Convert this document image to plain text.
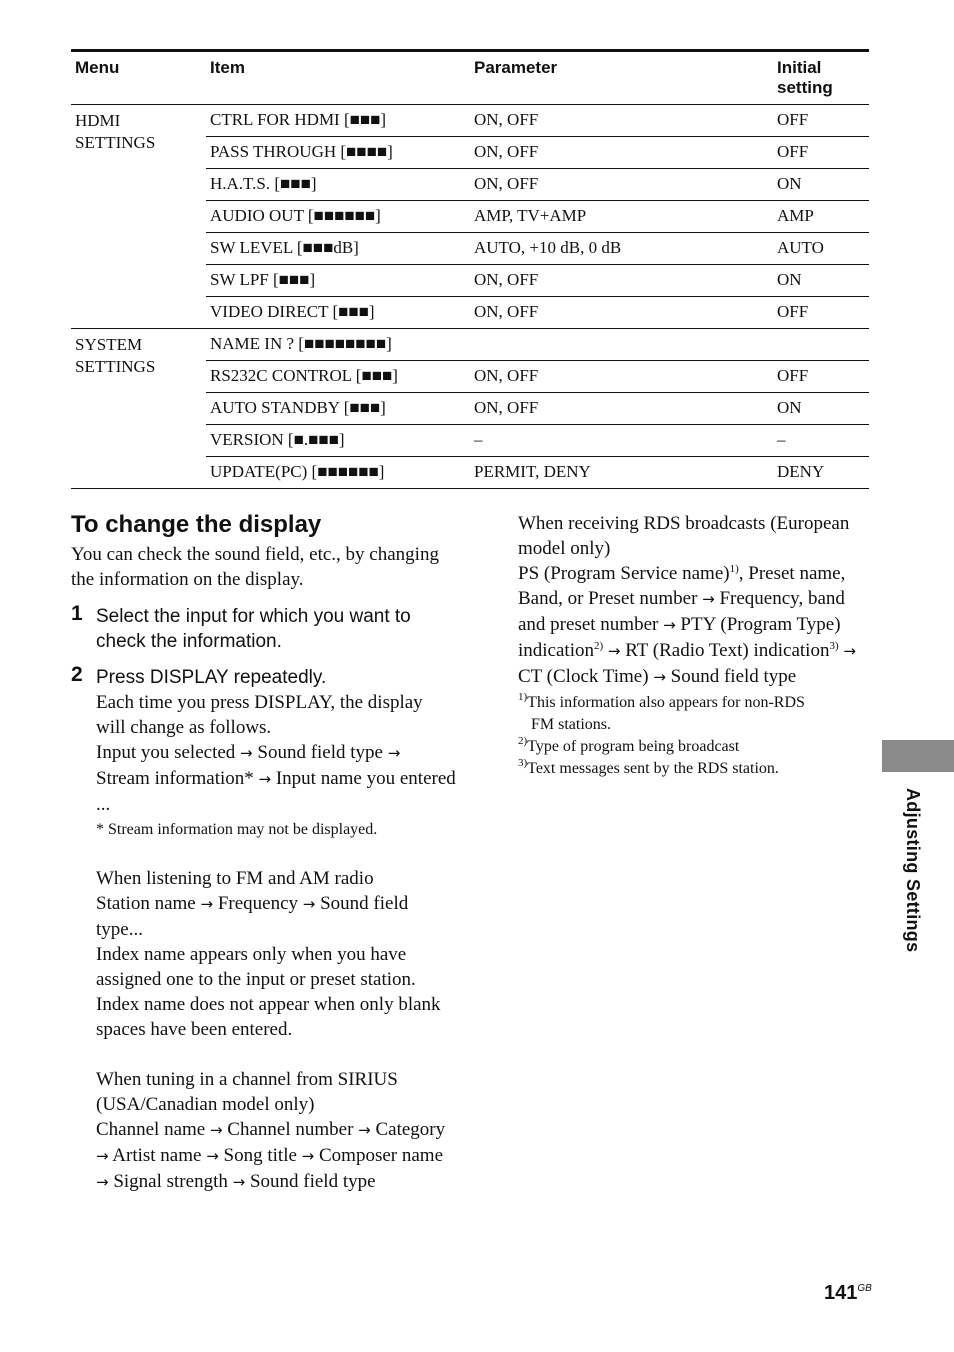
Menu	Item	Parameter	Initial setting
HDMI SETTINGS	CTRL FOR HDMI [■■■]	ON, OFF	OFF
	PASS THROUGH [■■■■]	ON, OFF	OFF
	H.A.T.S. [■■■]	ON, OFF	ON
	AUDIO OUT [■■■■■■]	AMP, TV+AMP	AMP
	SW LEVEL [■■■dB]	AUTO, +10 dB, 0 dB	AUTO
	SW LPF [■■■]	ON, OFF	ON
	VIDEO DIRECT [■■■]	ON, OFF	OFF
SYSTEM SETTINGS	NAME IN ? [■■■■■■■■]		
	RS232C CONTROL [■■■]	ON, OFF	OFF
	AUTO STANDBY [■■■]	ON, OFF	ON
	VERSION [■.■■■]	–	–
	UPDATE(PC) [■■■■■■]	PERMIT, DENY	DENY
To change the display

You can check the sound field, etc., by changing the information on the display.

1 Select the input for which you want to check the information.
2 Press DISPLAY repeatedly.

Each time you press DISPLAY, the display will change as follows.

Input you selected → Sound field type → Stream information* → Input name you entered ...

* Stream information may not be displayed.

When listening to FM and AM radio

Station name → Frequency → Sound field type...

Index name appears only when you have assigned one to the input or preset station. Index name does not appear when only blank spaces have been entered.

When tuning in a channel from SIRIUS (USA/Canadian model only)

Channel name → Channel number → Category → Artist name → Song title → Composer name → Signal strength → Sound field type

When receiving RDS broadcasts (European model only)

PS (Program Service name)$^{1)}$, Preset name, Band, or Preset number → Frequency, band and preset number → PTY (Program Type) indication$^{2)}$ → RT (Radio Text) indication$^{3)}$ → CT (Clock Time) → Sound field type

$^{1)}$This information also appears for non-RDS

FM stations.

$^{2)}$Type of program being broadcast

$^{3)}$Text messages sent by the RDS station.

Adjusting Settings
$141^{GB}$
